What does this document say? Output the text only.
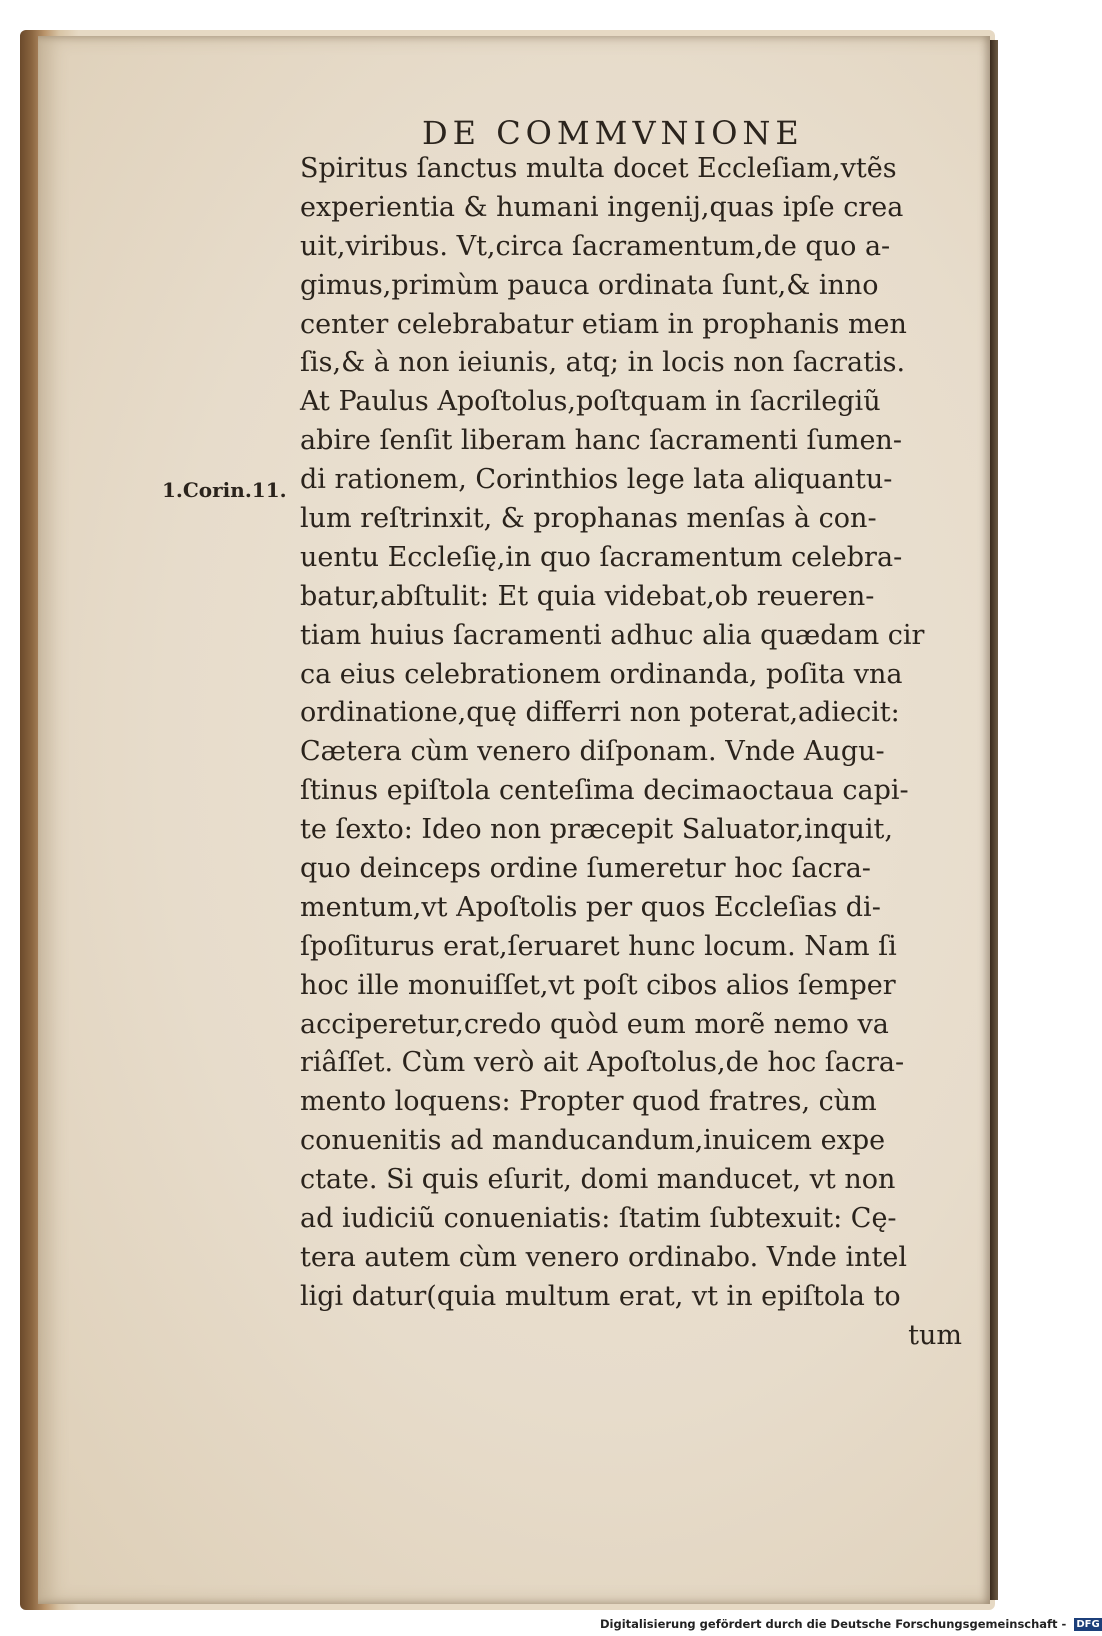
DE COMMVNIONE
1.Corin.11.
Spiritus ſanctus multa docet Eccleſiam,vtẽs
experientia & humani ingenij,quas ipſe crea
uit,viribus. Vt,circa ſacramentum,de quo a-
gimus,primùm pauca ordinata ſunt,& inno
center celebrabatur etiam in prophanis men
ſis,& à non ieiunis, atq; in locis non ſacratis.
At Paulus Apoſtolus,poſtquam in ſacrilegiũ
abire ſenſit liberam hanc ſacramenti ſumen-
di rationem, Corinthios lege lata aliquantu-
lum reſtrinxit, & prophanas menſas à con-
uentu Eccleſię,in quo ſacramentum celebra-
batur,abſtulit: Et quia videbat,ob reueren-
tiam huius ſacramenti adhuc alia quædam cir
ca eius celebrationem ordinanda, poſita vna
ordinatione,quę differri non poterat,adiecit:
Cætera cùm venero diſponam. Vnde Augu-
ſtinus epiſtola centeſima decimaoctaua capi-
te ſexto: Ideo non præcepit Saluator,inquit,
quo deinceps ordine ſumeretur hoc ſacra-
mentum,vt Apoſtolis per quos Eccleſias di-
ſpoſiturus erat,ſeruaret hunc locum. Nam ſi
hoc ille monuiſſet,vt poſt cibos alios ſemper
acciperetur,credo quòd eum morẽ nemo va
riâſſet. Cùm verò ait Apoſtolus,de hoc ſacra-
mento loquens: Propter quod fratres, cùm
conuenitis ad manducandum,inuicem expe
ctate. Si quis eſurit, domi manducet, vt non
ad iudiciũ conueniatis: ſtatim ſubtexuit: Cę-
tera autem cùm venero ordinabo. Vnde intel
ligi datur(quia multum erat, vt in epiſtola to
tum
Digitalisierung gefördert durch die Deutsche Forschungsgemeinschaft - DFG
